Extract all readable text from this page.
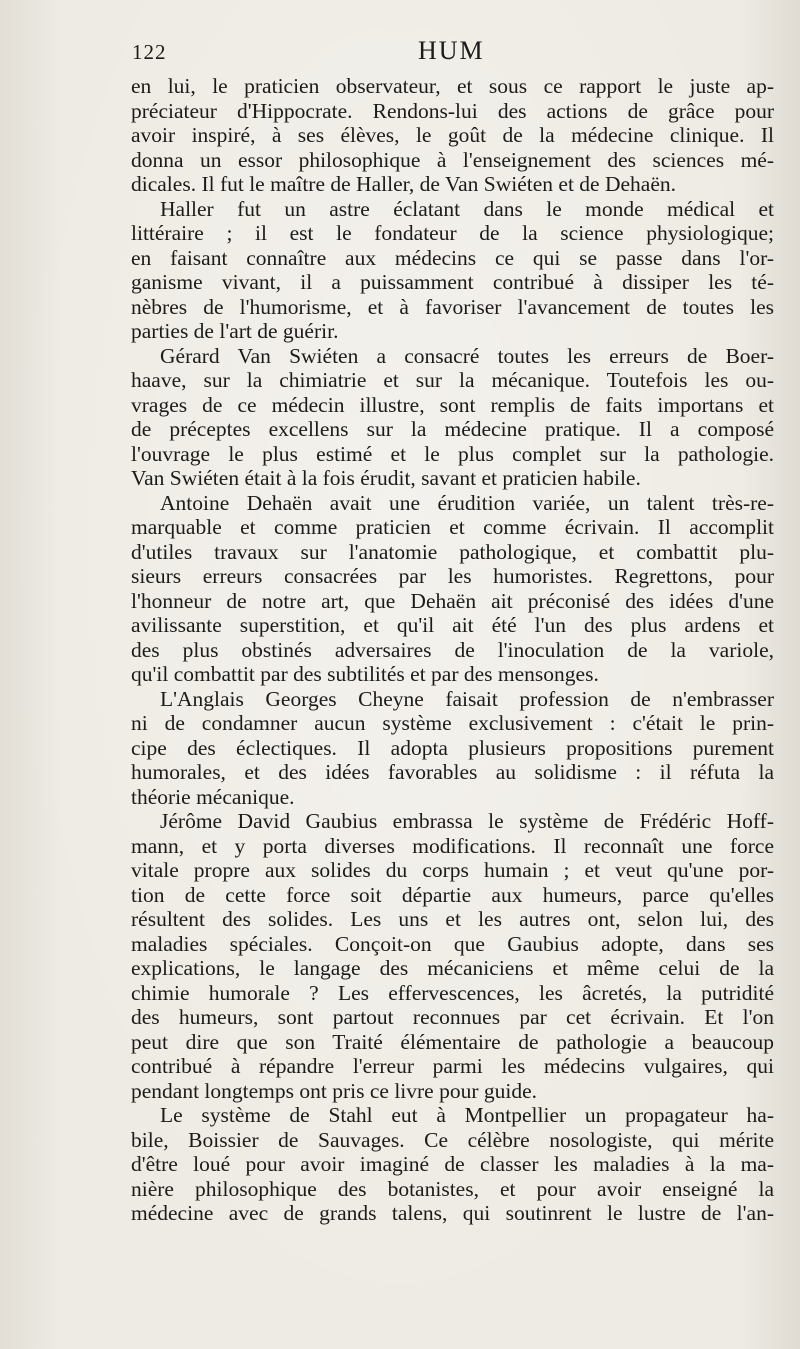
122	HUM
en lui, le praticien observateur, et sous ce rapport le juste ap-
préciateur d'Hippocrate. Rendons-lui des actions de grâce pour
avoir inspiré, à ses élèves, le goût de la médecine clinique. Il
donna un essor philosophique à l'enseignement des sciences mé-
dicales. Il fut le maître de Haller, de Van Swiéten et de Dehaën.
Haller fut un astre éclatant dans le monde médical et
littéraire ; il est le fondateur de la science physiologique;
en faisant connaître aux médecins ce qui se passe dans l'or-
ganisme vivant, il a puissamment contribué à dissiper les té-
nèbres de l'humorisme, et à favoriser l'avancement de toutes les
parties de l'art de guérir.
Gérard Van Swiéten a consacré toutes les erreurs de Boer-
haave, sur la chimiatrie et sur la mécanique. Toutefois les ou-
vrages de ce médecin illustre, sont remplis de faits importans et
de préceptes excellens sur la médecine pratique. Il a composé
l'ouvrage le plus estimé et le plus complet sur la pathologie.
Van Swiéten était à la fois érudit, savant et praticien habile.
Antoine Dehaën avait une érudition variée, un talent très-re-
marquable et comme praticien et comme écrivain. Il accomplit
d'utiles travaux sur l'anatomie pathologique, et combattit plu-
sieurs erreurs consacrées par les humoristes. Regrettons, pour
l'honneur de notre art, que Dehaën ait préconisé des idées d'une
avilissante superstition, et qu'il ait été l'un des plus ardens et
des plus obstinés adversaires de l'inoculation de la variole,
qu'il combattit par des subtilités et par des mensonges.
L'Anglais Georges Cheyne faisait profession de n'embrasser
ni de condamner aucun système exclusivement : c'était le prin-
cipe des éclectiques. Il adopta plusieurs propositions purement
humorales, et des idées favorables au solidisme : il réfuta la
théorie mécanique.
Jérôme David Gaubius embrassa le système de Frédéric Hoff-
mann, et y porta diverses modifications. Il reconnaît une force
vitale propre aux solides du corps humain ; et veut qu'une por-
tion de cette force soit départie aux humeurs, parce qu'elles
résultent des solides. Les uns et les autres ont, selon lui, des
maladies spéciales. Conçoit-on que Gaubius adopte, dans ses
explications, le langage des mécaniciens et même celui de la
chimie humorale ? Les effervescences, les âcretés, la putridité
des humeurs, sont partout reconnues par cet écrivain. Et l'on
peut dire que son Traité élémentaire de pathologie a beaucoup
contribué à répandre l'erreur parmi les médecins vulgaires, qui
pendant longtemps ont pris ce livre pour guide.
Le système de Stahl eut à Montpellier un propagateur ha-
bile, Boissier de Sauvages. Ce célèbre nosologiste, qui mérite
d'être loué pour avoir imaginé de classer les maladies à la ma-
nière philosophique des botanistes, et pour avoir enseigné la
médecine avec de grands talens, qui soutinrent le lustre de l'an-
